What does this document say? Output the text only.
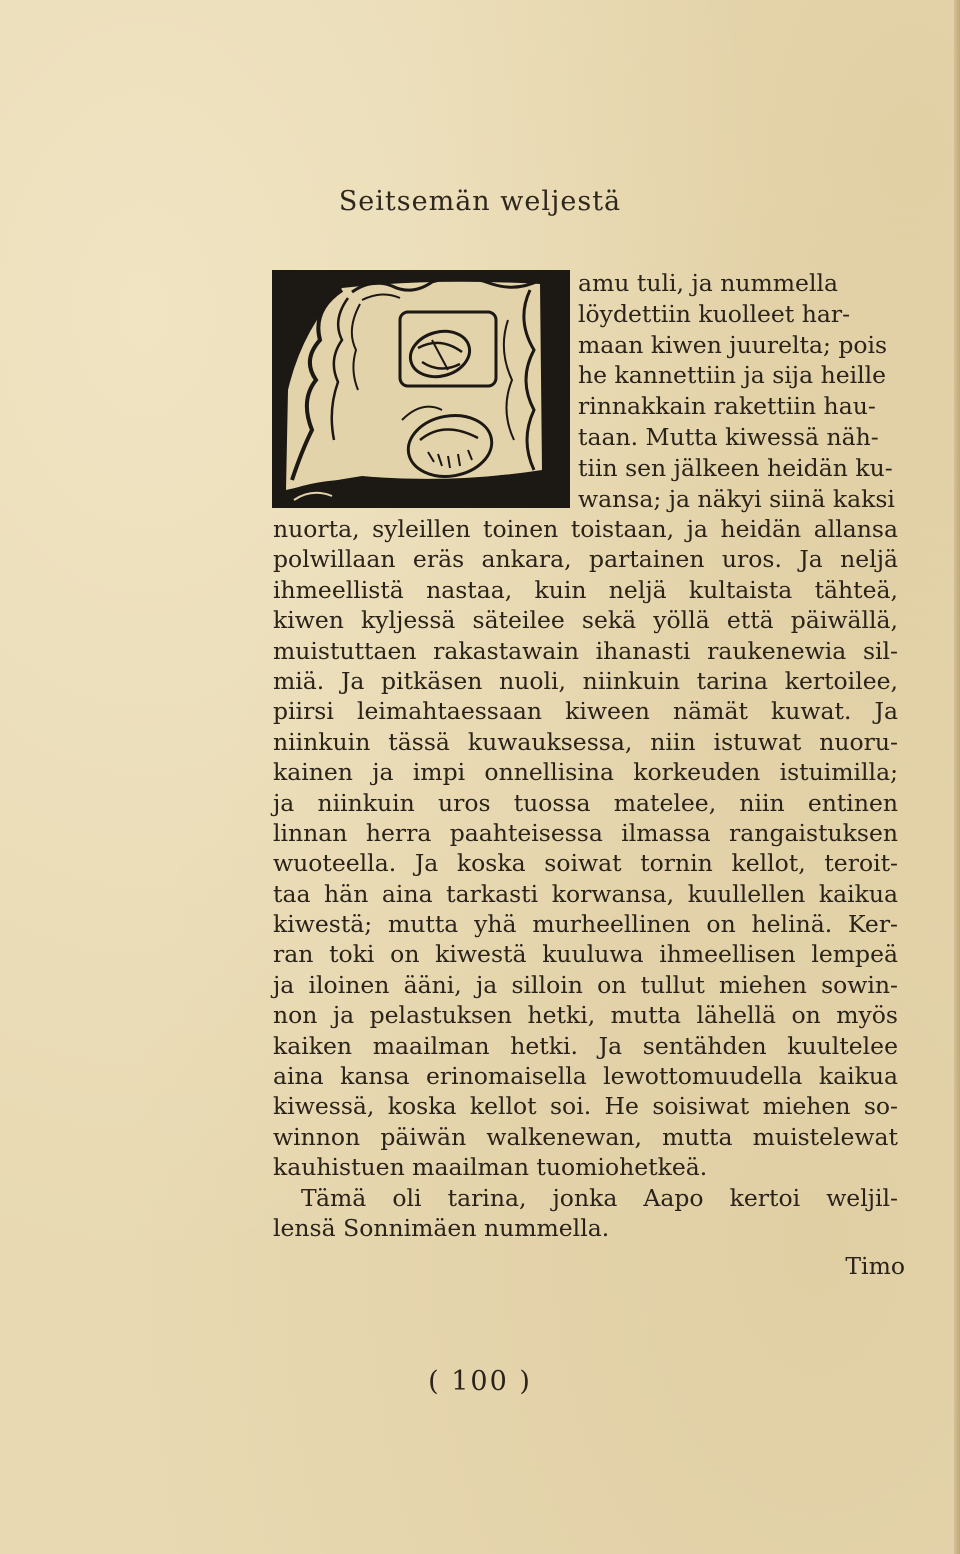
Seitsemän weljestä
amu tuli, ja nummella
löydettiin kuolleet har-
maan kiwen juurelta; pois
he kannettiin ja sija heille
rinnakkain rakettiin hau-
taan. Mutta kiwessä näh-
tiin sen jälkeen heidän ku-
wansa; ja näkyi siinä kaksi
nuorta, syleillen toinen toistaan, ja heidän allansa
polwillaan eräs ankara, partainen uros. Ja neljä
ihmeellistä nastaa, kuin neljä kultaista tähteä,
kiwen kyljessä säteilee sekä yöllä että päiwällä,
muistuttaen rakastawain ihanasti raukenewia sil-
miä. Ja pitkäsen nuoli, niinkuin tarina kertoilee,
piirsi leimahtaessaan kiween nämät kuwat. Ja
niinkuin tässä kuwauksessa, niin istuwat nuoru-
kainen ja impi onnellisina korkeuden istuimilla;
ja niinkuin uros tuossa matelee, niin entinen
linnan herra paahteisessa ilmassa rangaistuksen
wuoteella. Ja koska soiwat tornin kellot, teroit-
taa hän aina tarkasti korwansa, kuullellen kaikua
kiwestä; mutta yhä murheellinen on helinä. Ker-
ran toki on kiwestä kuuluwa ihmeellisen lempeä
ja iloinen ääni, ja silloin on tullut miehen sowin-
non ja pelastuksen hetki, mutta lähellä on myös
kaiken maailman hetki. Ja sentähden kuultelee
aina kansa erinomaisella lewottomuudella kaikua
kiwessä, koska kellot soi. He soisiwat miehen so-
winnon päiwän walkenewan, mutta muistelewat
kauhistuen maailman tuomiohetkeä.
Tämä oli tarina, jonka Aapo kertoi weljil-
lensä Sonnimäen nummella.
Timo
( 100 )
